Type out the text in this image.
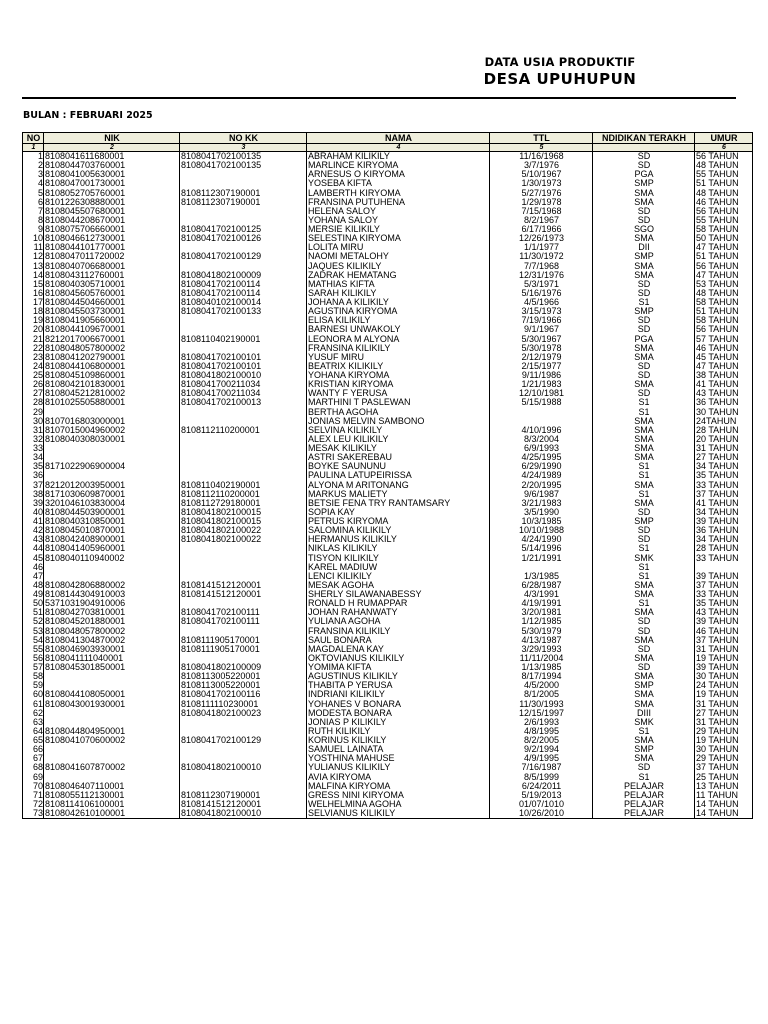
DATA USIA PRODUKTIF
DESA UPUHUPUN
BULAN : FEBRUARI 2025
NO	NIK	NO KK	NAMA	TTL	NDIDIKAN TERAKH	UMUR
1	2	3	4	5		6
1	8108041611680001	8108041702100135	ABRAHAM KILIKILY	11/16/1968	SD	56 TAHUN
2	8108044703760001	8108041702100135	MARLINCE KIRYOMA	3/7/1976	SD	48 TAHUN
3	8108041005630001		ARNESUS O KIRYOMA	5/10/1967	PGA	55 TAHUN
4	8108047001730001		YOSEBA KIFTA	1/30/1973	SMP	51 TAHUN
5	8108052705760001	8108112307190001	LAMBERTH KIRYOMA	5/27/1976	SMA	48 TAHUN
6	8101226308880001	8108112307190001	FRANSINA PUTUHENA	1/29/1978	SMA	46 TAHUN
7	8108045507680001		HELENA SALOY	7/15/1968	SD	56 TAHUN
8	8108044208670001		YOHANA SALOY	8/2/1967	SD	55 TAHUN
9	8108075706660001	8108041702100125	MERSIE KILIKILY	6/17/1966	SGO	58 TAHUN
10	8108046612730001	8108041702100126	SELESTINA KIRYOMA	12/26/1973	SMA	50 TAHUN
11	8108044101770001		LOLITA MIRU	1/1/1977	DII	47 TAHUN
12	8108047011720002	8108041702100129	NAOMI METALOHY	11/30/1972	SMP	51 TAHUN
13	8108040706680001		JAQUES KILIKILY	7/7/1968	SMA	56 TAHUN
14	8108043112760001	8108041802100009	ZADRAK HEMATANG	12/31/1976	SMA	47 TAHUN
15	8108040305710001	8108041702100114	MATHIAS KIFTA	5/3/1971	SD	53 TAHUN
16	8108045605760001	8108041702100114	SARAH KILIKILY	5/16/1976	SD	48 TAHUN
17	8108044504660001	8108040102100014	JOHANA A KILIKILY	4/5/1966	S1	58 TAHUN
18	8108045503730001	8108041702100133	AGUSTINA KIRYOMA	3/15/1973	SMP	51 TAHUN
19	8108041905660001		ELISA KILIKILY	7/19/1966	SD	58 TAHUN
20	8108044109670001		BARNESI UNWAKOLY	9/1/1967	SD	56 TAHUN
21	8212017006670001	8108110402190001	LEONORA M ALYONA	5/30/1967	PGA	57 TAHUN
22	8108048057800002		FRANSINA KILIKILY	5/30/1978	SMA	46 TAHUN
23	8108041202790001	8108041702100101	YUSUF MIRU	2/12/1979	SMA	45 TAHUN
24	8108044106800001	8108041702100101	BEATRIX KILIKILY	2/15/1977	SD	47 TAHUN
25	8108045109860001	8108041802100010	YOHANA KIRYOMA	9/11/1986	SD	38 TAHUN
26	8108042101830001	8108041700211034	KRISTIAN KIRYOMA	1/21/1983	SMA	41 TAHUN
27	8108045212810002	8108041700211034	WANTY F YERUSA	12/10/1981	SD	43 TAHUN
28	8101025505880001	8108041702100013	MARTHINI T PASLEWAN	5/15/1988	S1	36 TAHUN
29			BERTHA AGOHA		S1	30 TAHUN
30	8107016803000001		JONIAS MELVIN SAMBONO		SMA	24TAHUN
31	8107015004960002	8108112110200001	SELVINA KILIKILY	4/10/1996	SMA	28 TAHUN
32	8108040308030001		ALEX LEU KILIKILY	8/3/2004	SMA	20 TAHUN
33			MESAK KILIKILY	6/9/1993	SMA	31 TAHUN
34			ASTRI SAKEREBAU	4/25/1995	SMA	27 TAHUN
35	8171022906900004		BOYKE SAUNUNU	6/29/1990	S1	34 TAHUN
36			PAULINA LATUPEIRISSA	4/24/1989	S1	35 TAHUN
37	8212012003950001	8108110402190001	ALYONA M ARITONANG	2/20/1995	SMA	33 TAHUN
38	8171030609870001	8108112110200001	MARKUS MALIETY	9/6/1987	S1	37 TAHUN
39	3201046103830004	8108112729180001	BETSIE FENA TRY RANTAMSARY	3/21/1983	SMA	41 TAHUN
40	8108044503900001	8108041802100015	SOPIA KAY	3/5/1990	SD	34 TAHUN
41	8108040310850001	8108041802100015	PETRUS KIRYOMA	10/3/1985	SMP	39 TAHUN
42	8108045010870001	8108041802100022	SALOMINA KILIKILY	10/10/1988	SD	36 TAHUN
43	8108042408900001	8108041802100022	HERMANUS KILIKILY	4/24/1990	SD	34 TAHUN
44	8108041405960001		NIKLAS KILIKILY	5/14/1996	S1	28 TAHUN
45	8108040110940002		TISYON KILIKILY	1/21/1991	SMK	33 TAHUN
46			KAREL MADIUW		S1	
47			LENCI KILIKILY	1/3/1985	S1	39 TAHUN
48	8108042806880002	8108141512120001	MESAK AGOHA	6/28/1987	SMA	37 TAHUN
49	8108144304910003	8108141512120001	SHERLY SILAWANABESSY	4/3/1991	SMA	33 TAHUN
50	5371031904910006		RONALD H RUMAPPAR	4/19/1991	S1	35 TAHUN
51	8108042703810001	8108041702100111	JOHAN RAHANWATY	3/20/1981	SMA	43 TAHUN
52	8108045201880001	8108041702100111	YULIANA AGOHA	1/12/1985	SD	39 TAHUN
53	8108048057800002		FRANSINA KILIKILY	5/30/1979	SD	46 TAHUN
54	8108041304870002	8108111905170001	SAUL BONARA	4/13/1987	SMA	37 TAHUN
55	8108046903930001	8108111905170001	MAGDALENA KAY	3/29/1993	SD	31 TAHUN
56	8108041111040001		OKTOVIANUS KILIKILY	11/11/2004	SMA	19 TAHUN
57	8108045301850001	8108041802100009	YOMIMA KIFTA	1/13/1985	SD	39 TAHUN
58		8108113005220001	AGUSTINUS KILIKILY	8/17/1994	SMA	30 TAHUN
59		8108113005220001	THABITA P YERUSA	4/5/2000	SMP	24 TAHUN
60	8108044108050001	8108041702100116	INDRIANI KILIKILY	8/1/2005	SMA	19 TAHUN
61	8108043001930001	8108111110230001	YOHANES V BONARA	11/30/1993	SMA	31 TAHUN
62		8108041802100023	MODESTA BONARA	12/15/1997	DIII	27 TAHUN
63			JONIAS P KILIKILY	2/6/1993	SMK	31 TAHUN
64	8108044804950001		RUTH KILIKILY	4/8/1995	S1	29 TAHUN
65	8108041070600002	8108041702100129	KORINUS KILIKILY	8/2/2005	SMA	19 TAHUN
66			SAMUEL LAINATA	9/2/1994	SMP	30 TAHUN
67			YOSTHINA MAHUSE	4/9/1995	SMA	29 TAHUN
68	8108041607870002	8108041802100010	YULIANUS KILIKILY	7/16/1987	SD	37 TAHUN
69			AVIA KIRYOMA	8/5/1999	S1	25 TAHUN
70	8108046407110001		MALFINA KIRYOMA	6/24/2011	PELAJAR	13 TAHUN
71	8108055112130001	8108112307190001	GRESS NINI KIRYOMA	5/19/2013	PELAJAR	11 TAHUN
72	8108114106100001	8108141512120001	WELHELMINA AGOHA	01/07/1010	PELAJAR	14 TAHUN
73	8108042610100001	8108041802100010	SELVIANUS KILIKILY	10/26/2010	PELAJAR	14 TAHUN
